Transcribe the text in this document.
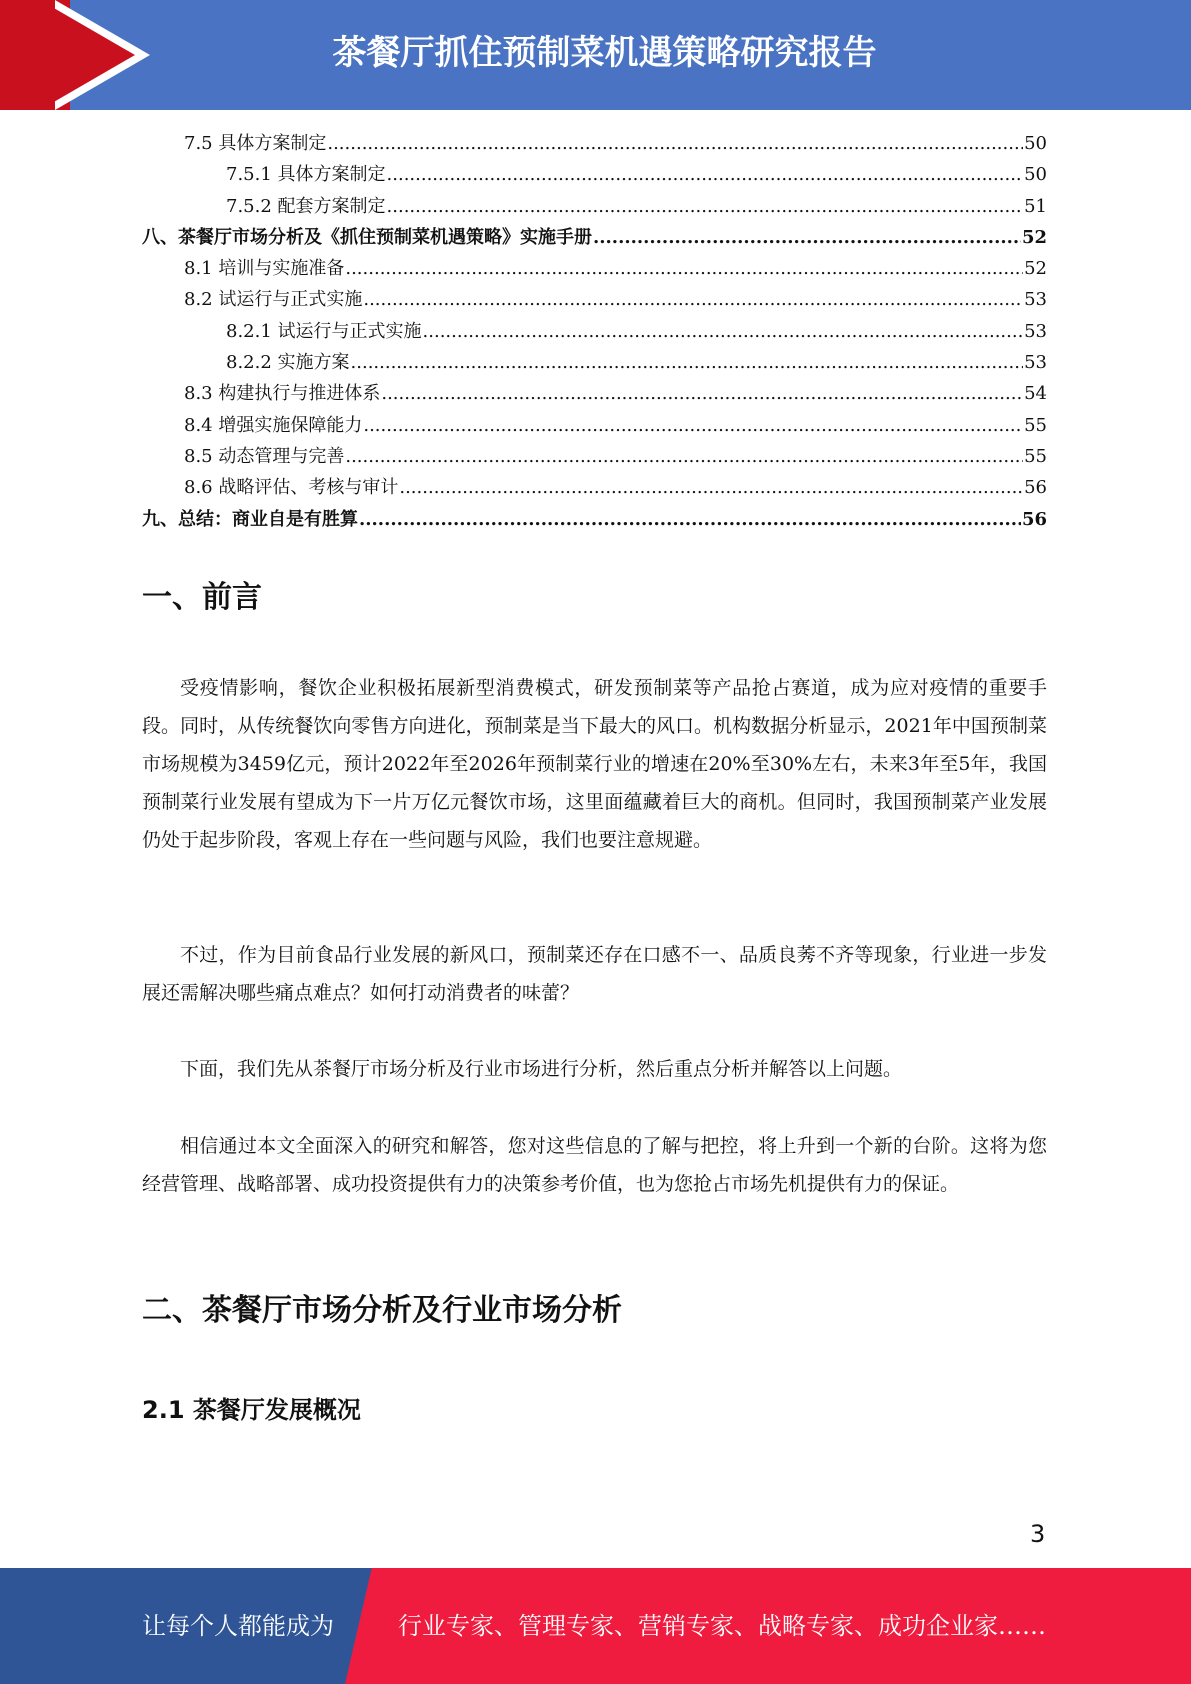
茶餐厅抓住预制菜机遇策略研究报告
7.5 具体方案制定 .....	50
7.5.1 具体方案制定 .....	50
7.5.2 配套方案制定 .....	51
八、茶餐厅市场分析及《抓住预制菜机遇策略》实施手册 .....	52
8.1 培训与实施准备 .....	52
8.2 试运行与正式实施 .....	53
8.2.1 试运行与正式实施 .....	53
8.2.2 实施方案 .....	53
8.3 构建执行与推进体系 .....	54
8.4 增强实施保障能力 .....	55
8.5 动态管理与完善 .....	55
8.6 战略评估、考核与审计 .....	56
九、总结：商业自是有胜算 .....	56
一、前言

受疫情影响，餐饮企业积极拓展新型消费模式，研发预制菜等产品抢占赛道，成为应对疫情的重要手段。同时，从传统餐饮向零售方向进化，预制菜是当下最大的风口。机构数据分析显示，2021年中国预制菜市场规模为3459亿元，预计2022年至2026年预制菜行业的增速在20%至30%左右，未来3年至5年，我国预制菜行业发展有望成为下一片万亿元餐饮市场，这里面蕴藏着巨大的商机。但同时，我国预制菜产业发展仍处于起步阶段，客观上存在一些问题与风险，我们也要注意规避。

不过，作为目前食品行业发展的新风口，预制菜还存在口感不一、品质良莠不齐等现象，行业进一步发展还需解决哪些痛点难点？如何打动消费者的味蕾？

下面，我们先从茶餐厅市场分析及行业市场进行分析，然后重点分析并解答以上问题。

相信通过本文全面深入的研究和解答，您对这些信息的了解与把控，将上升到一个新的台阶。这将为您经营管理、战略部署、成功投资提供有力的决策参考价值，也为您抢占市场先机提供有力的保证。

二、茶餐厅市场分析及行业市场分析
2.1 茶餐厅发展概况
3
让每个人都能成为	行业专家、管理专家、营销专家、战略专家、成功企业家……
